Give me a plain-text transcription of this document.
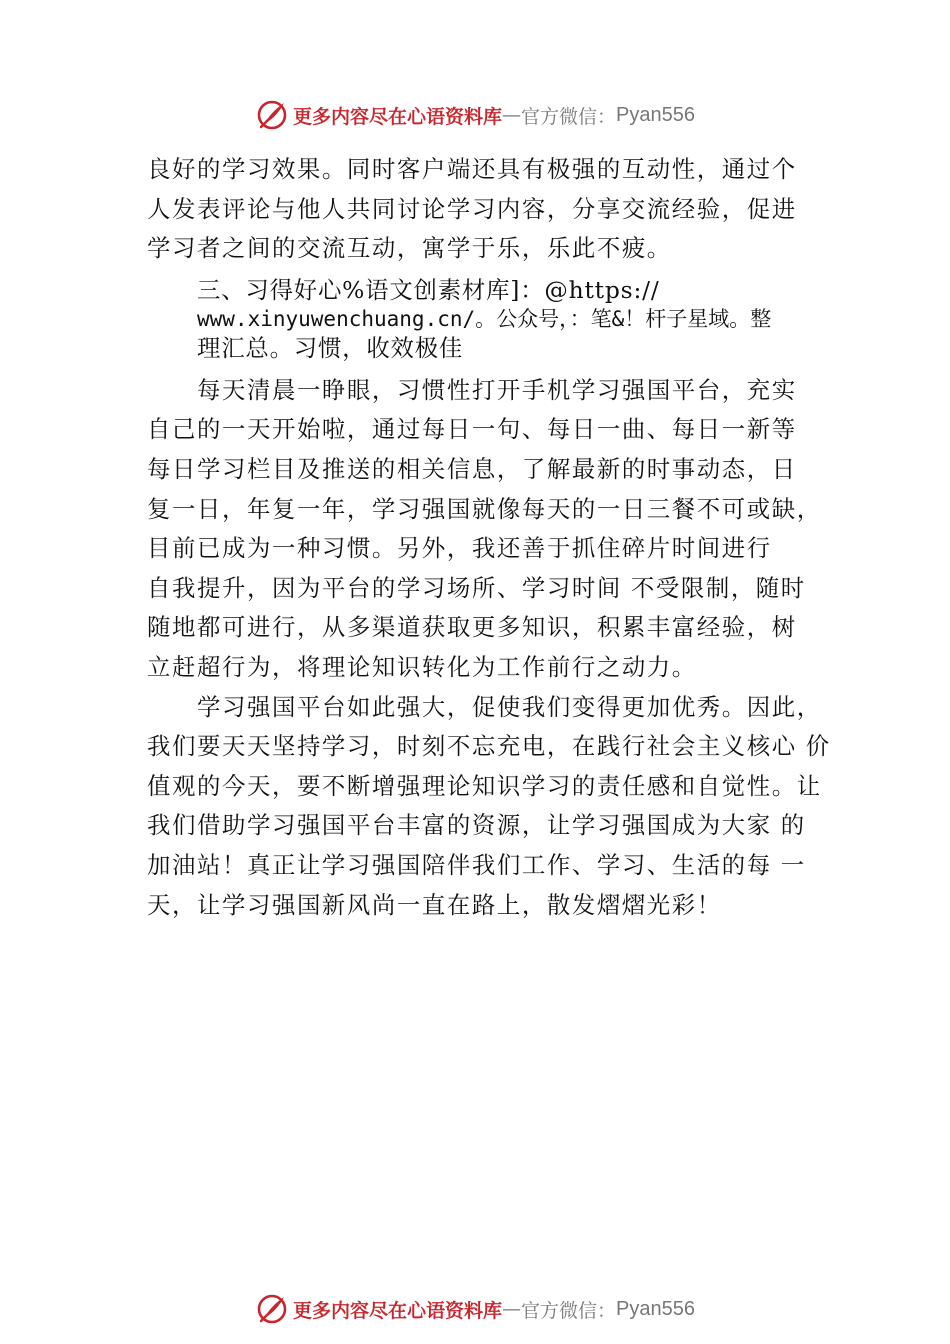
更多内容尽在心语资料库 — 官方微信： Pyan556
良好的学习效果。同时客户端还具有极强的互动性，通过个
人发表评论与他人共同讨论学习内容，分享交流经验，促进
学习者之间的交流互动，寓学于乐，乐此不疲。
三、习得好心%语文创素材库]：@https://
www.xinyuwenchuang.cn/。公众号，：笔&！杆子星域。整
理汇总。习惯，收效极佳
每天清晨一睁眼，习惯性打开手机学习强国平台，充实
自己的一天开始啦，通过每日一句、每日一曲、每日一新等
每日学习栏目及推送的相关信息，了解最新的时事动态，日
复一日，年复一年，学习强国就像每天的一日三餐不可或缺，
目前已成为一种习惯。另外，我还善于抓住碎片时间进行
自我提升，因为平台的学习场所、学习时间 不受限制，随时
随地都可进行，从多渠道获取更多知识，积累丰富经验，树
立赶超行为，将理论知识转化为工作前行之动力。
学习强国平台如此强大，促使我们变得更加优秀。因此，
我们要天天坚持学习，时刻不忘充电，在践行社会主义核心 价
值观的今天，要不断增强理论知识学习的责任感和自觉性。让
我们借助学习强国平台丰富的资源，让学习强国成为大家 的
加油站！真正让学习强国陪伴我们工作、学习、生活的每 一
天，让学习强国新风尚一直在路上，散发熠熠光彩！
更多内容尽在心语资料库 — 官方微信： Pyan556
